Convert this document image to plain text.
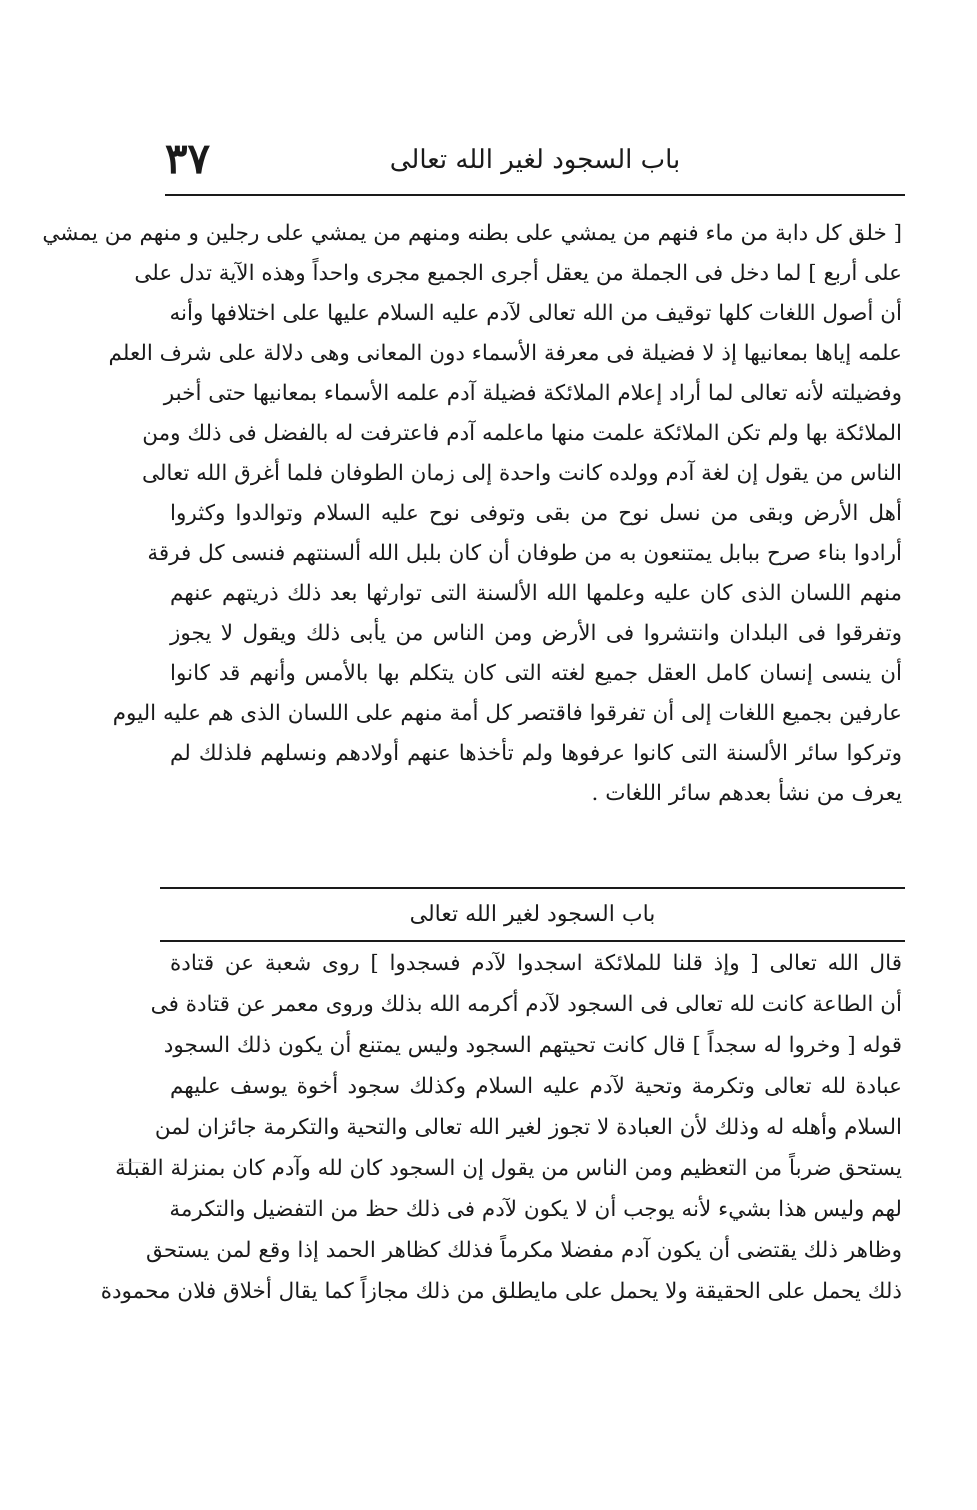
باب السجود لغير الله تعالى
٣٧

[ خلق كل دابة من ماء فنهم من يمشي على بطنه ومنهم من يمشي على رجلين و منهم من يمشي

على أربع ] لما دخل فى الجملة من يعقل أجرى الجميع مجرى واحداً وهذه الآية تدل على

أن أصول اللغات كلها توقيف من الله تعالى لآدم عليه السلام عليها على اختلافها وأنه

علمه إياها بمعانيها إذ لا فضيلة فى معرفة الأسماء دون المعانى وهى دلالة على شرف العلم

وفضيلته لأنه تعالى لما أراد إعلام الملائكة فضيلة آدم علمه الأسماء بمعانيها حتى أخبر

الملائكة بها ولم تكن الملائكة علمت منها ماعلمه آدم فاعترفت له بالفضل فى ذلك ومن

الناس من يقول إن لغة آدم وولده كانت واحدة إلى زمان الطوفان فلما أغرق الله تعالى

أهل الأرض وبقى من نسل نوح من بقى وتوفى نوح عليه السلام وتوالدوا وكثروا

أرادوا بناء صرح ببابل يمتنعون به من طوفان أن كان بلبل الله ألسنتهم فنسى كل فرقة

منهم اللسان الذى كان عليه وعلمها الله الألسنة التى توارثها بعد ذلك ذريتهم عنهم

وتفرقوا فى البلدان وانتشروا فى الأرض ومن الناس من يأبى ذلك ويقول لا يجوز

أن ينسى إنسان كامل العقل جميع لغته التى كان يتكلم بها بالأمس وأنهم قد كانوا

عارفين بجميع اللغات إلى أن تفرقوا فاقتصر كل أمة منهم على اللسان الذى هم عليه اليوم

وتركوا سائر الألسنة التى كانوا عرفوها ولم تأخذها عنهم أولادهم ونسلهم فلذلك لم

يعرف من نشأ بعدهم سائر اللغات .

باب السجود لغير الله تعالى

قال الله تعالى [ وإذ قلنا للملائكة اسجدوا لآدم فسجدوا ] روى شعبة عن قتادة

أن الطاعة كانت لله تعالى فى السجود لآدم أكرمه الله بذلك وروى معمر عن قتادة فى

قوله [ وخروا له سجداً ] قال كانت تحيتهم السجود وليس يمتنع أن يكون ذلك السجود

عبادة لله تعالى وتكرمة وتحية لآدم عليه السلام وكذلك سجود أخوة يوسف عليهم

السلام وأهله له وذلك لأن العبادة لا تجوز لغير الله تعالى والتحية والتكرمة جائزان لمن

يستحق ضرباً من التعظيم ومن الناس من يقول إن السجود كان لله وآدم كان بمنزلة القبلة

لهم وليس هذا بشيء لأنه يوجب أن لا يكون لآدم فى ذلك حظ من التفضيل والتكرمة

وظاهر ذلك يقتضى أن يكون آدم مفضلا مكرماً فذلك كظاهر الحمد إذا وقع لمن يستحق

ذلك يحمل على الحقيقة ولا يحمل على مايطلق من ذلك مجازاً كما يقال أخلاق فلان محمودة
